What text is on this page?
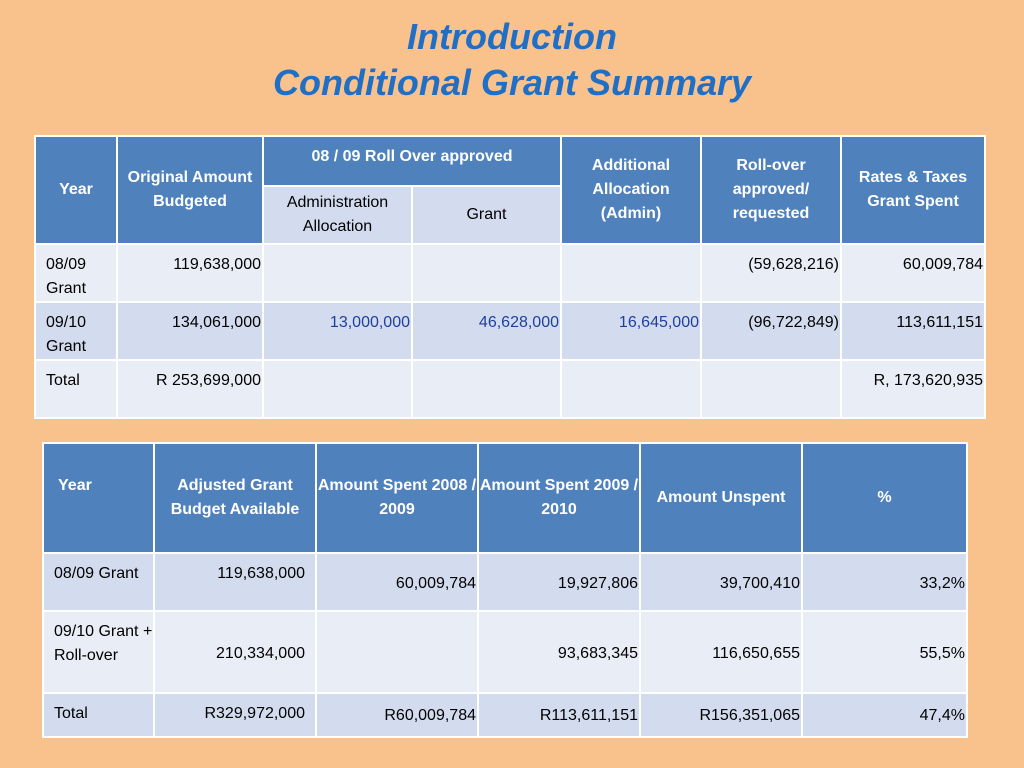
Introduction
Conditional Grant Summary
Year	Original Amount Budgeted	08 / 09 Roll Over approved		Additional Allocation (Admin)	Roll-over approved/ requested	Rates & Taxes Grant Spent
		Administration Allocation	Grant			
08/09 Grant	119,638,000				(59,628,216)	60,009,784
09/10 Grant	134,061,000	13,000,000	46,628,000	16,645,000	(96,722,849)	113,611,151
Total	R 253,699,000					R, 173,620,935
Year	Adjusted Grant Budget Available	Amount Spent 2008 / 2009	Amount Spent 2009 / 2010	Amount Unspent	%
08/09 Grant	119,638,000	60,009,784	19,927,806	39,700,410	33,2%
09/10 Grant + Roll-over	210,334,000		93,683,345	116,650,655	55,5%
Total	R329,972,000	R60,009,784	R113,611,151	R156,351,065	47,4%
